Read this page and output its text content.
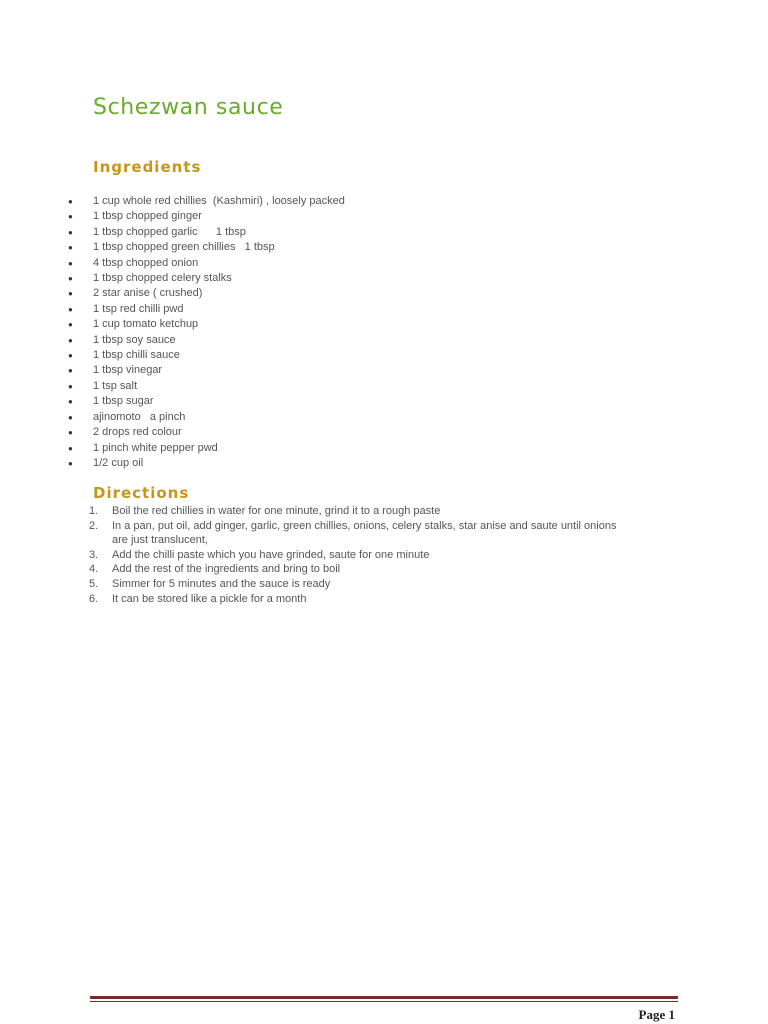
Schezwan sauce
Ingredients
●	1 cup whole red chillies  (Kashmiri) , loosely packed
●	1 tbsp chopped ginger
●	1 tbsp chopped garlic      1 tbsp
●	1 tbsp chopped green chillies   1 tbsp
●	4 tbsp chopped onion
●	1 tbsp chopped celery stalks
●	2 star anise ( crushed)
●	1 tsp red chilli pwd
●	1 cup tomato ketchup
●	1 tbsp soy sauce
●	1 tbsp chilli sauce
●	1 tbsp vinegar
●	1 tsp salt
●	1 tbsp sugar
●	ajinomoto   a pinch
●	2 drops red colour
●	1 pinch white pepper pwd
●	1/2 cup oil
Directions
1.	Boil the red chillies in water for one minute, grind it to a rough paste
2.	In a pan, put oil, add ginger, garlic, green chillies, onions, celery stalks, star anise and saute until onions are just translucent,
3.	Add the chilli paste which you have grinded, saute for one minute
4.	Add the rest of the ingredients and bring to boil
5.	Simmer for 5 minutes and the sauce is ready
6.	It can be stored like a pickle for a month
Page 1
